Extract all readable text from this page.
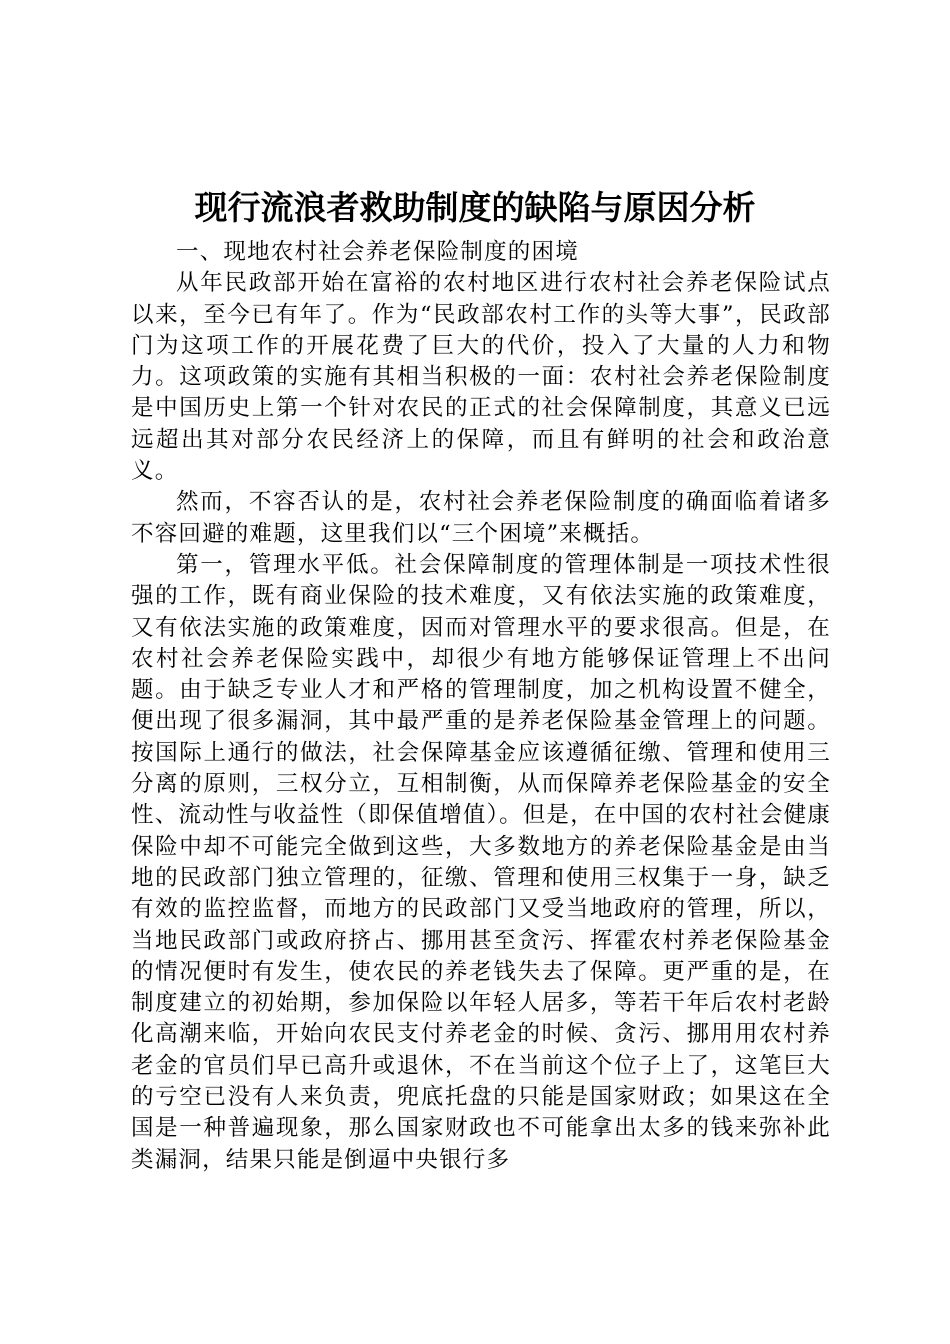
现行流浪者救助制度的缺陷与原因分析

一、现地农村社会养老保险制度的困境

从年民政部开始在富裕的农村地区进行农村社会养老保险试点以来，至今已有年了。作为“民政部农村工作的头等大事”，民政部门为这项工作的开展花费了巨大的代价，投入了大量的人力和物力。这项政策的实施有其相当积极的一面：农村社会养老保险制度是中国历史上第一个针对农民的正式的社会保障制度，其意义已远远超出其对部分农民经济上的保障，而且有鲜明的社会和政治意义。

然而，不容否认的是，农村社会养老保险制度的确面临着诸多不容回避的难题，这里我们以“三个困境”来概括。

第一，管理水平低。社会保障制度的管理体制是一项技术性很强的工作，既有商业保险的技术难度，又有依法实施的政策难度，又有依法实施的政策难度，因而对管理水平的要求很高。但是，在农村社会养老保险实践中，却很少有地方能够保证管理上不出问题。由于缺乏专业人才和严格的管理制度，加之机构设置不健全，便出现了很多漏洞，其中最严重的是养老保险基金管理上的问题。按国际上通行的做法，社会保障基金应该遵循征缴、管理和使用三分离的原则，三权分立，互相制衡，从而保障养老保险基金的安全性、流动性与收益性（即保值增值）。但是，在中国的农村社会健康保险中却不可能完全做到这些，大多数地方的养老保险基金是由当地的民政部门独立管理的，征缴、管理和使用三权集于一身，缺乏有效的监控监督，而地方的民政部门又受当地政府的管理，所以，当地民政部门或政府挤占、挪用甚至贪污、挥霍农村养老保险基金的情况便时有发生，使农民的养老钱失去了保障。更严重的是，在制度建立的初始期，参加保险以年轻人居多，等若干年后农村老龄化高潮来临，开始向农民支付养老金的时候、贪污、挪用用农村养老金的官员们早已高升或退休，不在当前这个位子上了，这笔巨大的亏空已没有人来负责，兜底托盘的只能是国家财政；如果这在全国是一种普遍现象，那么国家财政也不可能拿出太多的钱来弥补此类漏洞，结果只能是倒逼中央银行多
